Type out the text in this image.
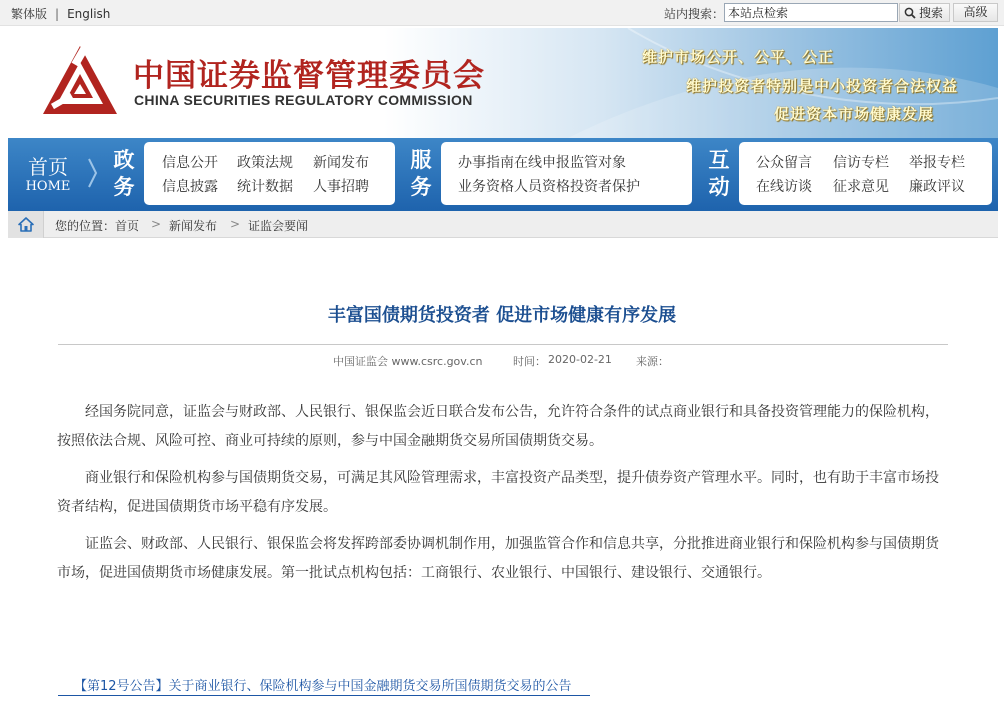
繁体版 | English	站内搜索：
本站点检索	搜索	高级
中国证券监督管理委员会
CHINA SECURITIES REGULATORY COMMISSION
维护市场公开、公平、公正
维护投资者特别是中小投资者合法权益
促进资本市场健康发展
首页
HOME
政务
信息公开 政策法规 新闻发布
信息披露 统计数据 人事招聘
服务
办事指南 在线申报 监管对象
业务资格 人员资格 投资者保护
互动
公众留言 信访专栏 举报专栏
在线访谈 征求意见 廉政评议
您的位置： 首页 > 新闻发布 > 证监会要闻
丰富国债期货投资者 促进市场健康有序发展
中国证监会 www.csrc.gov.cn	时间： 2020-02-21 来源：

经国务院同意，证监会与财政部、人民银行、银保监会近日联合发布公告，允许符合条件的试点商业银行和具备投资管理能力的保险机构，按照依法合规、风险可控、商业可持续的原则，参与中国金融期货交易所国债期货交易。

商业银行和保险机构参与国债期货交易，可满足其风险管理需求，丰富投资产品类型，提升债券资产管理水平。同时，也有助于丰富市场投资者结构，促进国债期货市场平稳有序发展。

证监会、财政部、人民银行、银保监会将发挥跨部委协调机制作用，加强监管合作和信息共享，分批推进商业银行和保险机构参与国债期货市场，促进国债期货市场健康发展。第一批试点机构包括：工商银行、农业银行、中国银行、建设银行、交通银行。

【第12号公告】关于商业银行、保险机构参与中国金融期货交易所国债期货交易的公告
